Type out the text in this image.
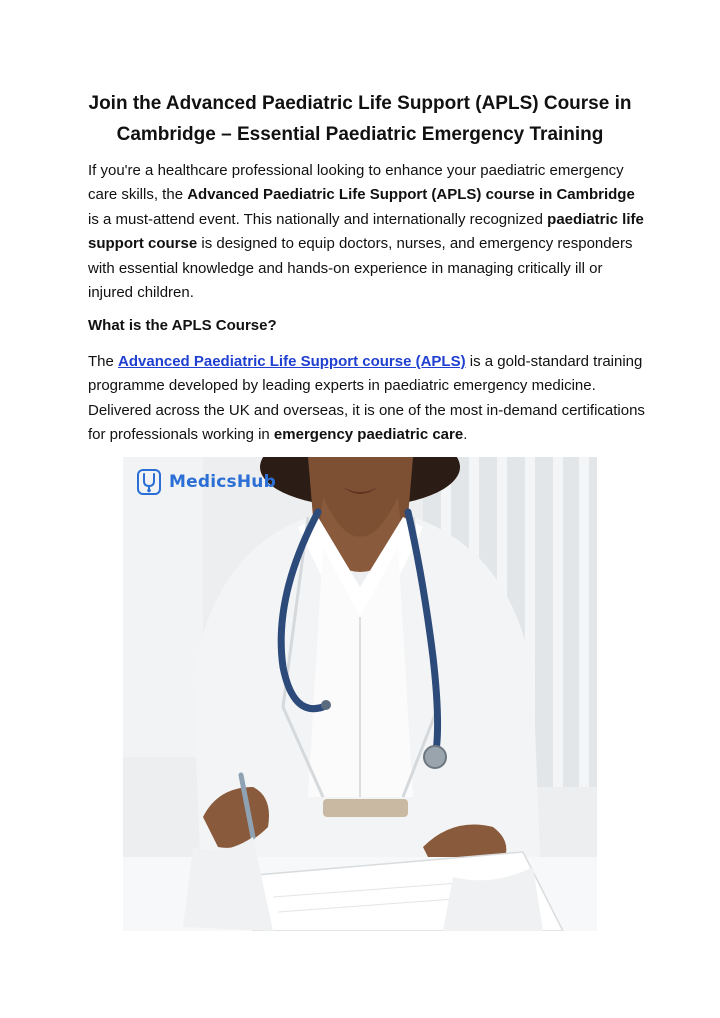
Join the Advanced Paediatric Life Support (APLS) Course in Cambridge – Essential Paediatric Emergency Training

If you're a healthcare professional looking to enhance your paediatric emergency care skills, the Advanced Paediatric Life Support (APLS) course in Cambridge is a must-attend event. This nationally and internationally recognized paediatric life support course is designed to equip doctors, nurses, and emergency responders with essential knowledge and hands-on experience in managing critically ill or injured children.

What is the APLS Course?

The Advanced Paediatric Life Support course (APLS) is a gold-standard training programme developed by leading experts in paediatric emergency medicine. Delivered across the UK and overseas, it is one of the most in-demand certifications for professionals working in emergency paediatric care.

MedicsHub
